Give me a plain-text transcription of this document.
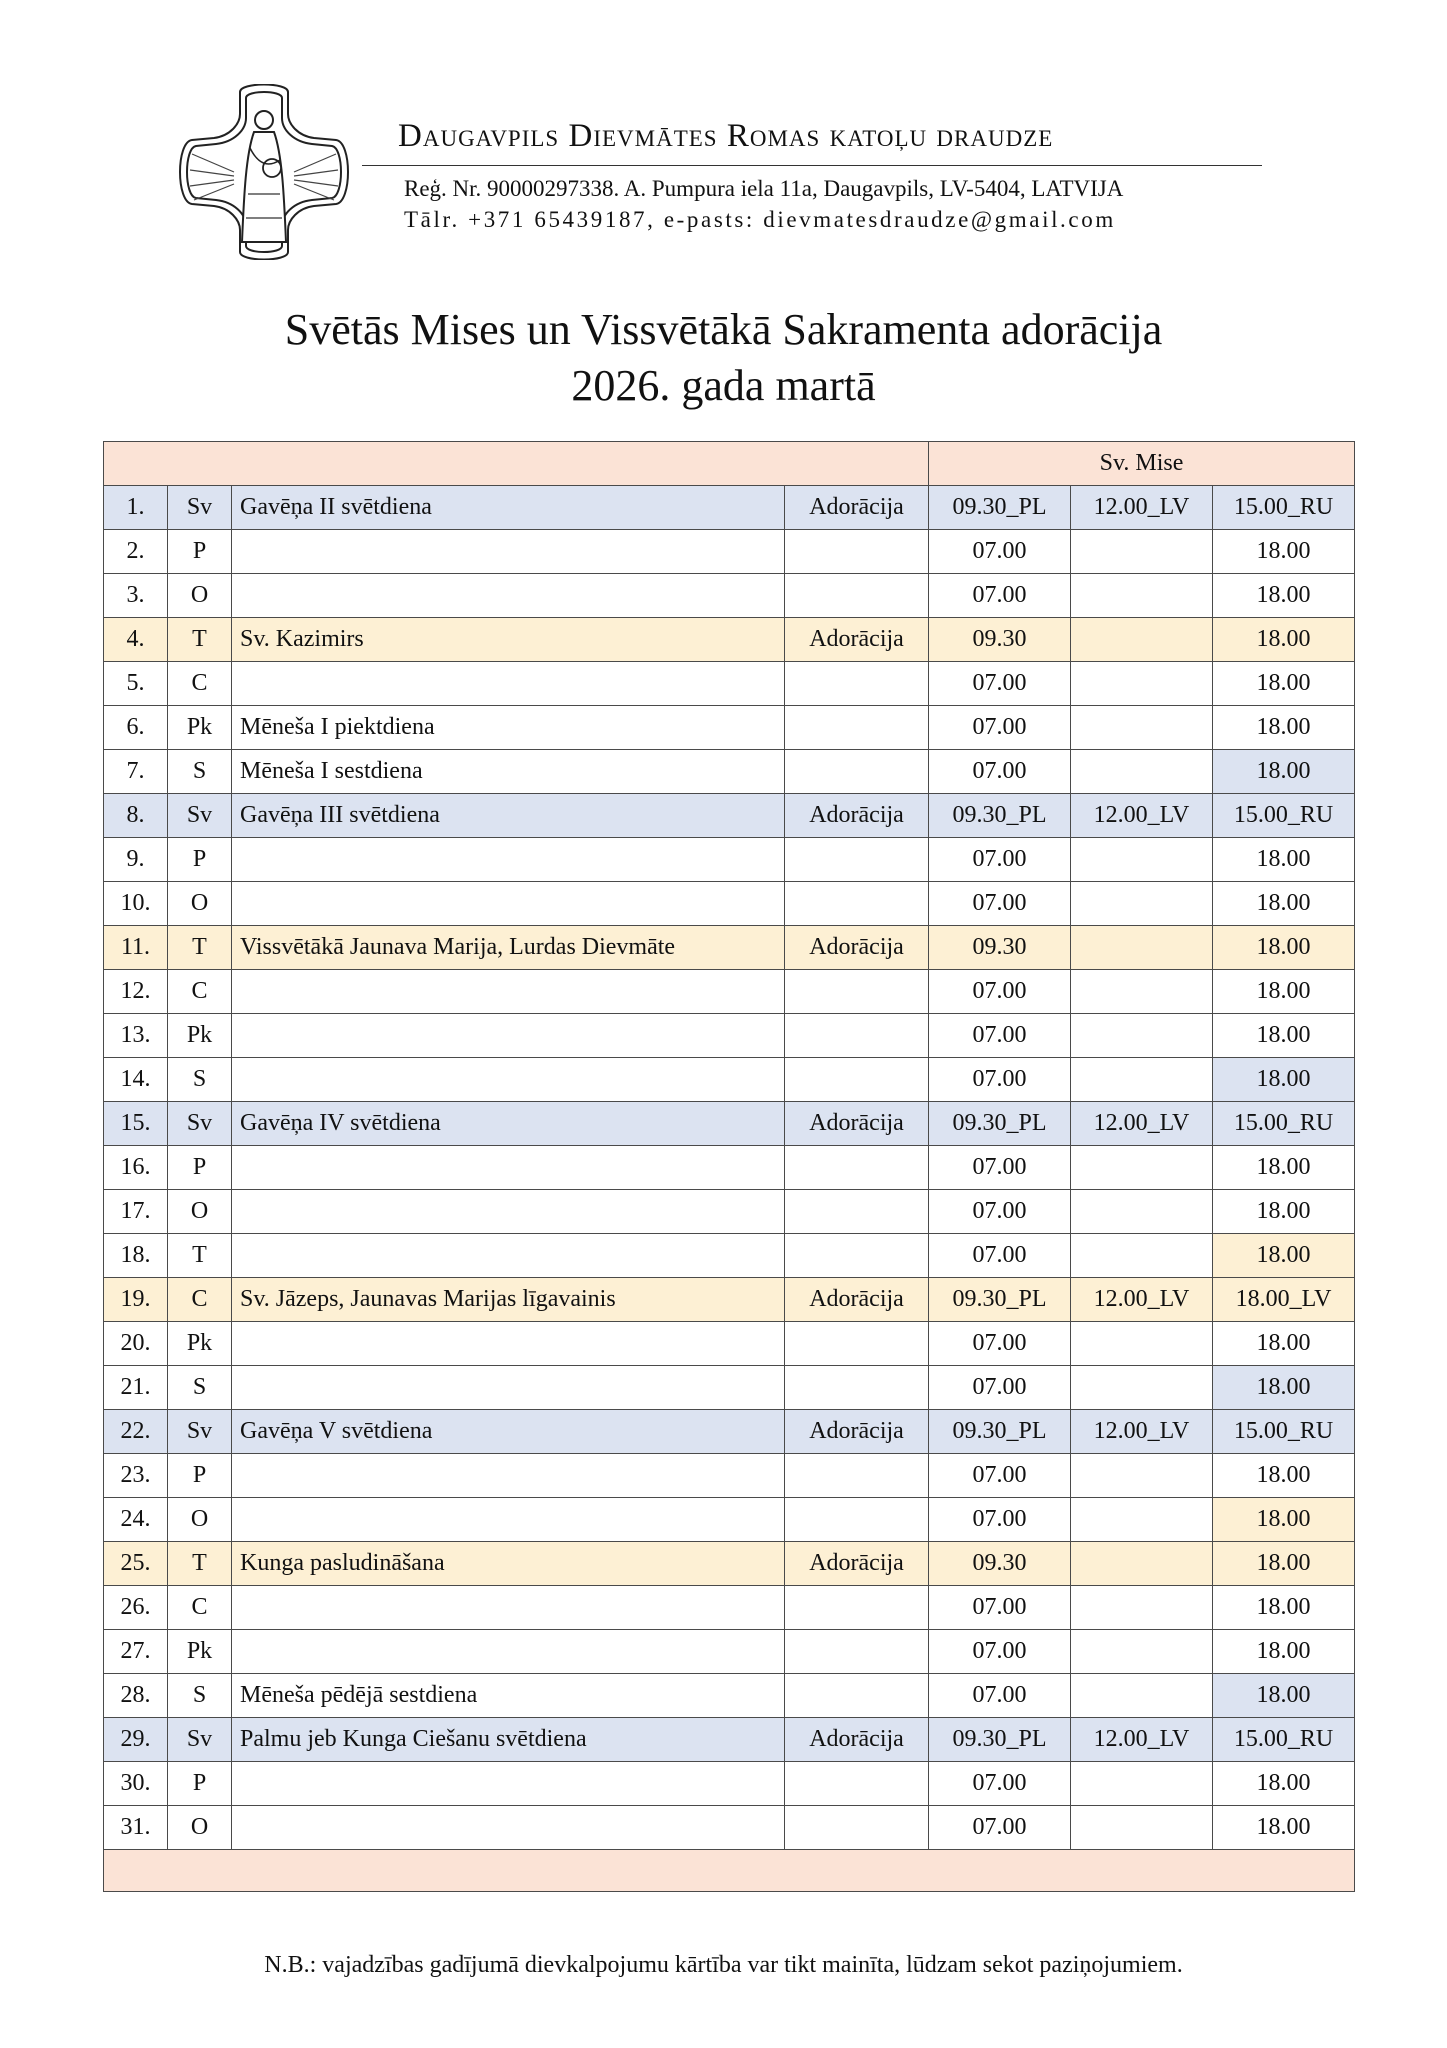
Daugavpils Dievmātes Romas katoļu draudze
Reģ. Nr. 90000297338. A. Pumpura iela 11a, Daugavpils, LV-5404, LATVIJA
Tālr. +371 65439187, e-pasts: dievmatesdraudze@gmail.com
Svētās Mises un Vissvētākā Sakramenta adorācija
2026. gada martā
				Sv. Mise		
1.	Sv	Gavēņa II svētdiena	Adorācija	09.30_PL	12.00_LV	15.00_RU
2.	P			07.00		18.00
3.	O			07.00		18.00
4.	T	Sv. Kazimirs	Adorācija	09.30		18.00
5.	C			07.00		18.00
6.	Pk	Mēneša I piektdiena		07.00		18.00
7.	S	Mēneša I sestdiena		07.00		18.00
8.	Sv	Gavēņa III svētdiena	Adorācija	09.30_PL	12.00_LV	15.00_RU
9.	P			07.00		18.00
10.	O			07.00		18.00
11.	T	Vissvētākā Jaunava Marija, Lurdas Dievmāte	Adorācija	09.30		18.00
12.	C			07.00		18.00
13.	Pk			07.00		18.00
14.	S			07.00		18.00
15.	Sv	Gavēņa IV svētdiena	Adorācija	09.30_PL	12.00_LV	15.00_RU
16.	P			07.00		18.00
17.	O			07.00		18.00
18.	T			07.00		18.00
19.	C	Sv. Jāzeps, Jaunavas Marijas līgavainis	Adorācija	09.30_PL	12.00_LV	18.00_LV
20.	Pk			07.00		18.00
21.	S			07.00		18.00
22.	Sv	Gavēņa V svētdiena	Adorācija	09.30_PL	12.00_LV	15.00_RU
23.	P			07.00		18.00
24.	O			07.00		18.00
25.	T	Kunga pasludināšana	Adorācija	09.30		18.00
26.	C			07.00		18.00
27.	Pk			07.00		18.00
28.	S	Mēneša pēdējā sestdiena		07.00		18.00
29.	Sv	Palmu jeb Kunga Ciešanu svētdiena	Adorācija	09.30_PL	12.00_LV	15.00_RU
30.	P			07.00		18.00
31.	O			07.00		18.00

N.B.: vajadzības gadījumā dievkalpojumu kārtība var tikt mainīta, lūdzam sekot paziņojumiem.
